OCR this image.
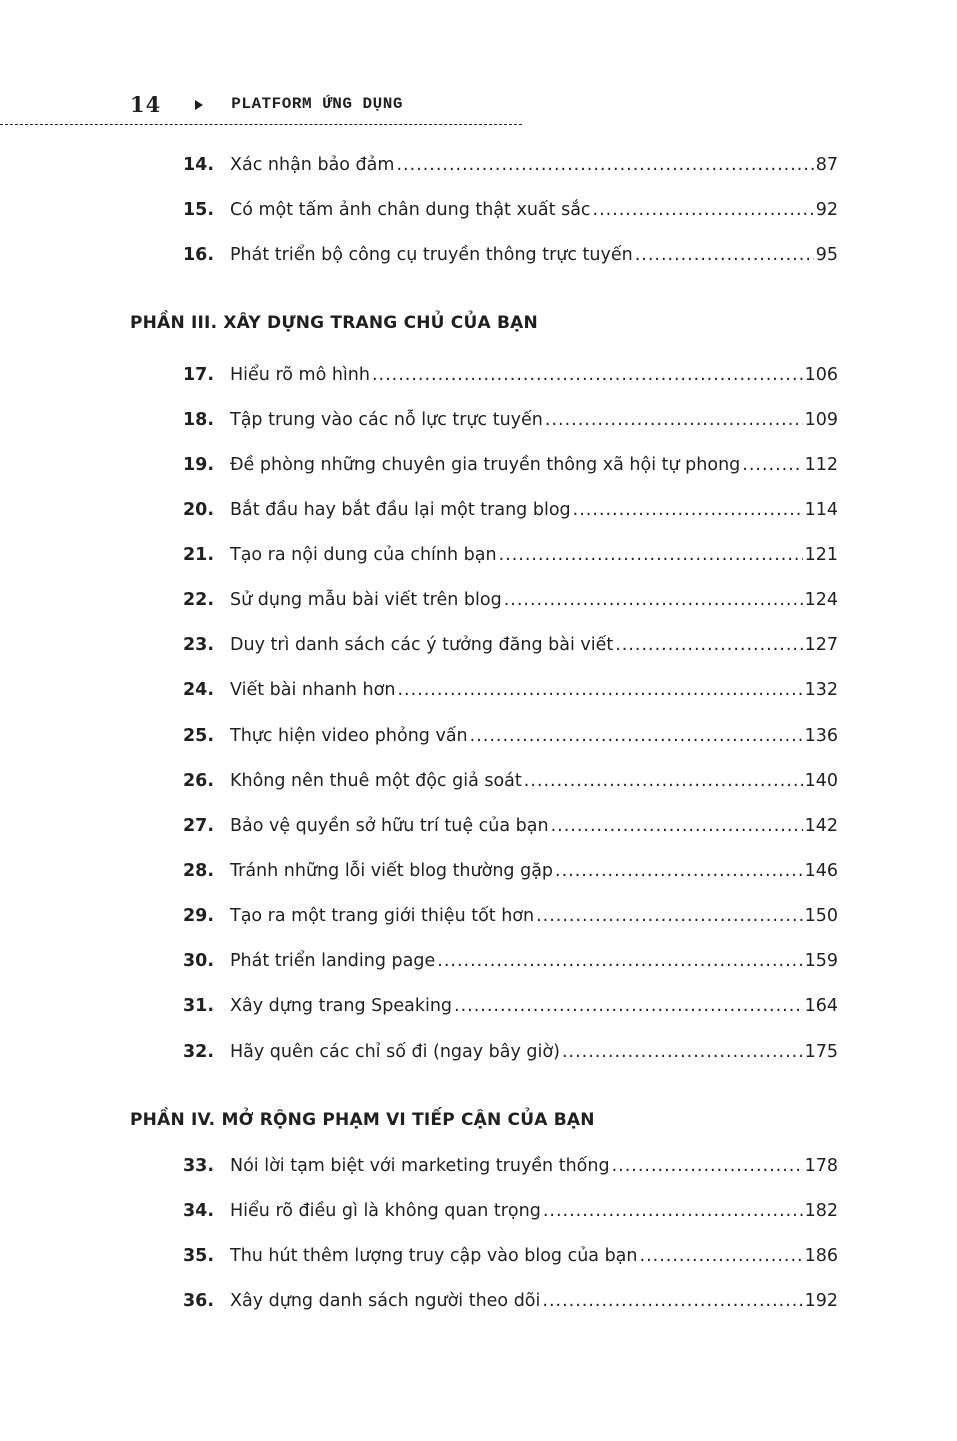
14	PLATFORM ỨNG DỤNG
14. Xác nhận bảo đảm .....	87
15. Có một tấm ảnh chân dung thật xuất sắc .....	92
16. Phát triển bộ công cụ truyền thông trực tuyến .....	95
PHẦN III. XÂY DỰNG TRANG CHỦ CỦA BẠN
17. Hiểu rõ mô hình .....	106
18. Tập trung vào các nỗ lực trực tuyến .....	109
19. Đề phòng những chuyên gia truyền thông xã hội tự phong .....	112
20. Bắt đầu hay bắt đầu lại một trang blog .....	114
21. Tạo ra nội dung của chính bạn .....	121
22. Sử dụng mẫu bài viết trên blog .....	124
23. Duy trì danh sách các ý tưởng đăng bài viết .....	127
24. Viết bài nhanh hơn .....	132
25. Thực hiện video phỏng vấn .....	136
26. Không nên thuê một độc giả soát .....	140
27. Bảo vệ quyền sở hữu trí tuệ của bạn .....	142
28. Tránh những lỗi viết blog thường gặp .....	146
29. Tạo ra một trang giới thiệu tốt hơn .....	150
30. Phát triển landing page .....	159
31. Xây dựng trang Speaking .....	164
32. Hãy quên các chỉ số đi (ngay bây giờ) .....	175
PHẦN IV. MỞ RỘNG PHẠM VI TIẾP CẬN CỦA BẠN
33. Nói lời tạm biệt với marketing truyền thống .....	178
34. Hiểu rõ điều gì là không quan trọng .....	182
35. Thu hút thêm lượng truy cập vào blog của bạn .....	186
36. Xây dựng danh sách người theo dõi .....	192
